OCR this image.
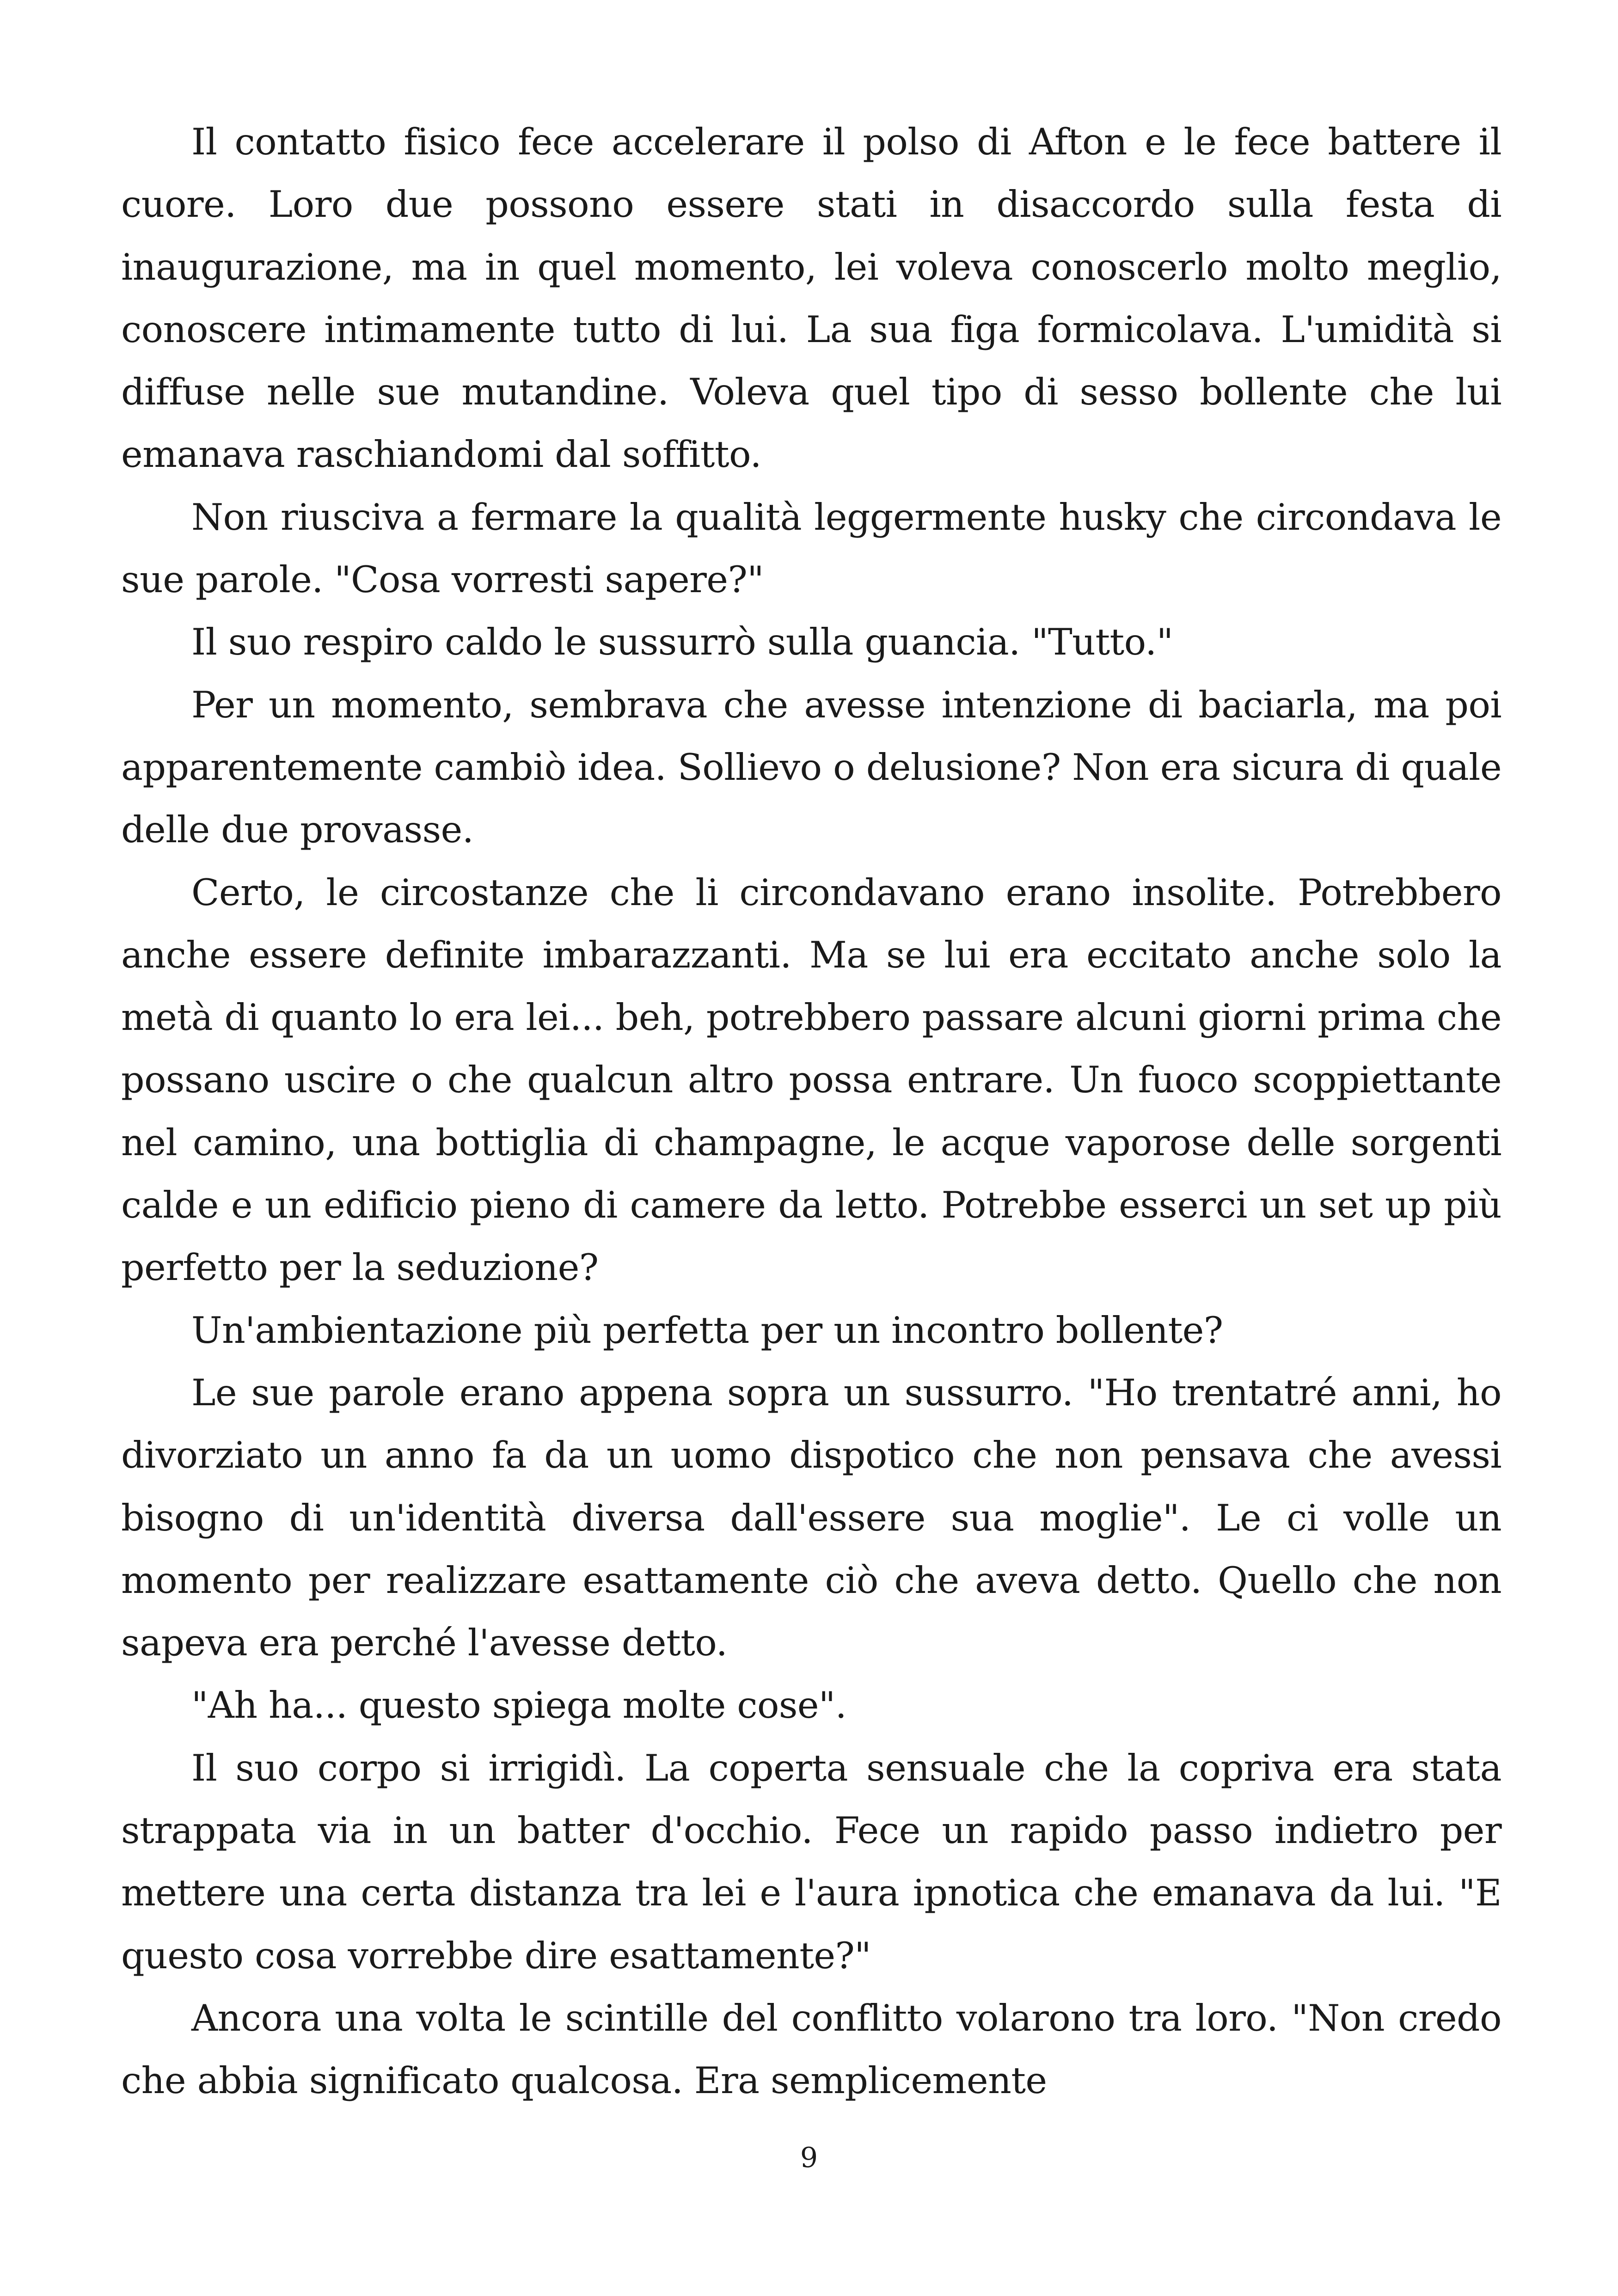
Il contatto fisico fece accelerare il polso di Afton e le fece battere il cuore. Loro due possono essere stati in disaccordo sulla festa di inaugurazione, ma in quel momento, lei voleva conoscerlo molto meglio, conoscere intimamente tutto di lui. La sua figa formicolava. L'umidità si diffuse nelle sue mutandine. Voleva quel tipo di sesso bollente che lui emanava raschiandomi dal soffitto.

Non riusciva a fermare la qualità leggermente husky che circondava le sue parole. "Cosa vorresti sapere?"

Il suo respiro caldo le sussurrò sulla guancia. "Tutto."

Per un momento, sembrava che avesse intenzione di baciarla, ma poi apparentemente cambiò idea. Sollievo o delusione? Non era sicura di quale delle due provasse.

Certo, le circostanze che li circondavano erano insolite. Potrebbero anche essere definite imbarazzanti. Ma se lui era eccitato anche solo la metà di quanto lo era lei... beh, potrebbero passare alcuni giorni prima che possano uscire o che qualcun altro possa entrare. Un fuoco scoppiettante nel camino, una bottiglia di champagne, le acque vaporose delle sorgenti calde e un edificio pieno di camere da letto. Potrebbe esserci un set up più perfetto per la seduzione?

Un'ambientazione più perfetta per un incontro bollente?

Le sue parole erano appena sopra un sussurro. "Ho trentatré anni, ho divorziato un anno fa da un uomo dispotico che non pensava che avessi bisogno di un'identità diversa dall'essere sua moglie". Le ci volle un momento per realizzare esattamente ciò che aveva detto. Quello che non sapeva era perché l'avesse detto.

"Ah ha... questo spiega molte cose".

Il suo corpo si irrigidì. La coperta sensuale che la copriva era stata strappata via in un batter d'occhio. Fece un rapido passo indietro per mettere una certa distanza tra lei e l'aura ipnotica che emanava da lui. "E questo cosa vorrebbe dire esattamente?"

Ancora una volta le scintille del conflitto volarono tra loro. "Non credo che abbia significato qualcosa. Era semplicemente

9
